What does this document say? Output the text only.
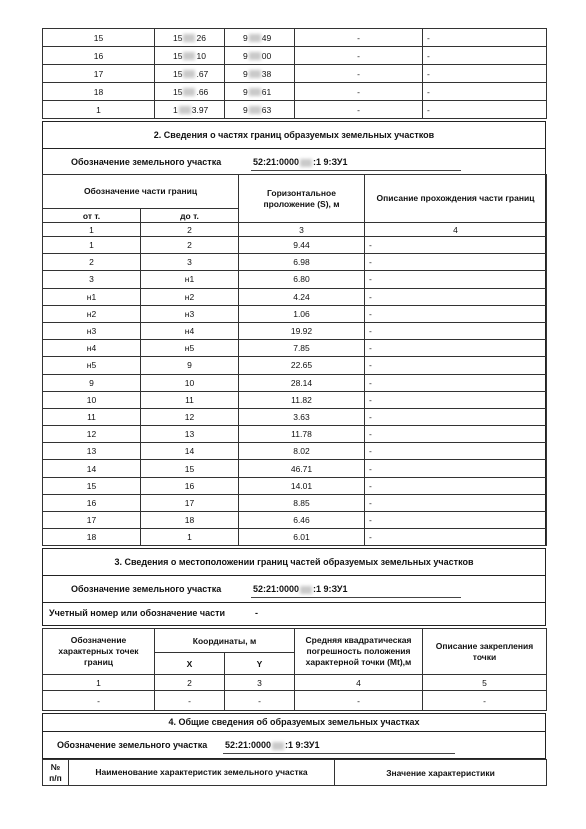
15	15 26	9 49	-	-
16	15 10	9 00	-	-
17	15 .67	9 38	-	-
18	15 .66	9 61	-	-
1	1 3.97	9 63	-	-
2. Сведения о частях границ образуемых земельных участков
Обозначение земельного участка	52:21:0000 :1 9:ЗУ1
Обозначение части границ		Горизонтальное проложение (S), м	Описание прохождения части границ
от т.	до т.		
1	2	3	4
1	2	9.44	-
2	3	6.98	-
3	н1	6.80	-
н1	н2	4.24	-
н2	н3	1.06	-
н3	н4	19.92	-
н4	н5	7.85	-
н5	9	22.65	-
9	10	28.14	-
10	11	11.82	-
11	12	3.63	-
12	13	11.78	-
13	14	8.02	-
14	15	46.71	-
15	16	14.01	-
16	17	8.85	-
17	18	6.46	-
18	1	6.01	-
3. Сведения о местоположении границ частей образуемых земельных участков
Обозначение земельного участка	52:21:0000 :1 9:ЗУ1
Учетный номер или обозначение части	-
Обозначение характерных точек границ	Координаты, м		Средняя квадратическая погрешность положения характерной точки (Mt),м	Описание закрепления точки
	X	Y		
1	2	3	4	5
-	-	-	-	-
4. Общие сведения об образуемых земельных участках
Обозначение земельного участка 52:21:0000 :1 9:ЗУ1
№ п/п	Наименование характеристик земельного участка	Значение характеристики
